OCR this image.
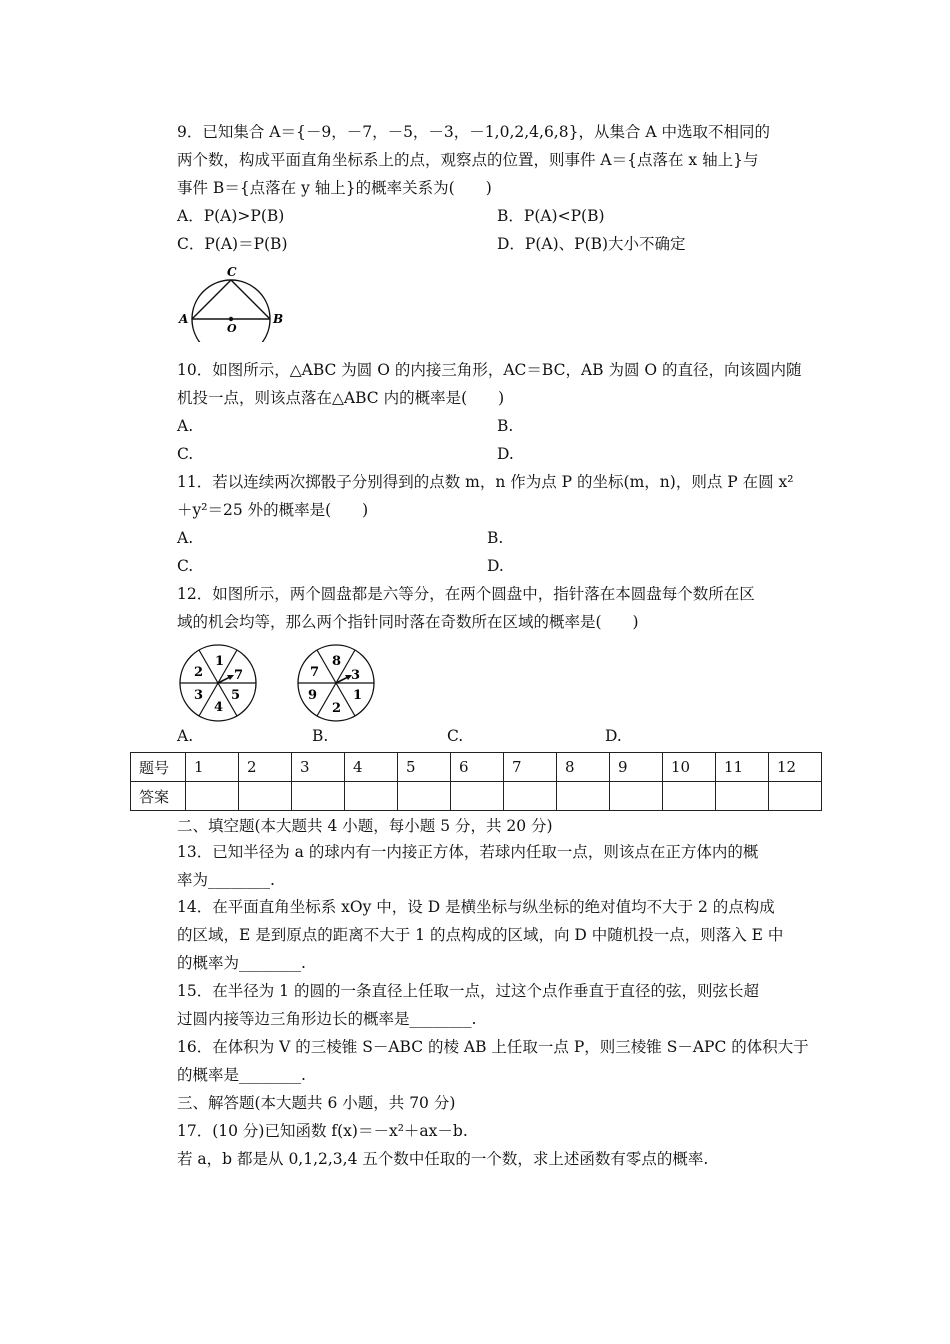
9．已知集合 A＝{－9，－7，－5，－3，－1,0,2,4,6,8}，从集合 A 中选取不相同的
两个数，构成平面直角坐标系上的点，观察点的位置，则事件 A＝{点落在 x 轴上}与
事件 B＝{点落在 y 轴上}的概率关系为(　　)
A．P(A)>P(B)	B．P(A)<P(B)
C．P(A)＝P(B)	D．P(A)、P(B)大小不确定
C
A
O
B
10．如图所示，△ABC 为圆 O 的内接三角形，AC＝BC，AB 为圆 O 的直径，向该圆内随
机投一点，则该点落在△ABC 内的概率是(　　)
A.	B.
C.	D.
11．若以连续两次掷骰子分别得到的点数 m，n 作为点 P 的坐标(m，n)，则点 P 在圆 x²
＋y²＝25 外的概率是(　　)
A.	B.
C.	D.
12．如图所示，两个圆盘都是六等分，在两个圆盘中，指针落在本圆盘每个数所在区
域的机会均等，那么两个指针同时落在奇数所在区域的概率是(　　)
1
7
5
4
3
2
8
3
1
2
9
7
A.	B.	C.	D.
题号	1	2	3	4	5	6	7	8	9	10	11	12
答案												
二、填空题(本大题共 4 小题，每小题 5 分，共 20 分)
13．已知半径为 a 的球内有一内接正方体，若球内任取一点，则该点在正方体内的概
率为________.
14．在平面直角坐标系 xOy 中，设 D 是横坐标与纵坐标的绝对值均不大于 2 的点构成
的区域，E 是到原点的距离不大于 1 的点构成的区域，向 D 中随机投一点，则落入 E 中
的概率为________.
15．在半径为 1 的圆的一条直径上任取一点，过这个点作垂直于直径的弦，则弦长超
过圆内接等边三角形边长的概率是________.
16．在体积为 V 的三棱锥 S－ABC 的棱 AB 上任取一点 P，则三棱锥 S－APC 的体积大于
的概率是________.
三、解答题(本大题共 6 小题，共 70 分)
17．(10 分)已知函数 f(x)＝－x²＋ax－b.
若 a，b 都是从 0,1,2,3,4 五个数中任取的一个数，求上述函数有零点的概率.
